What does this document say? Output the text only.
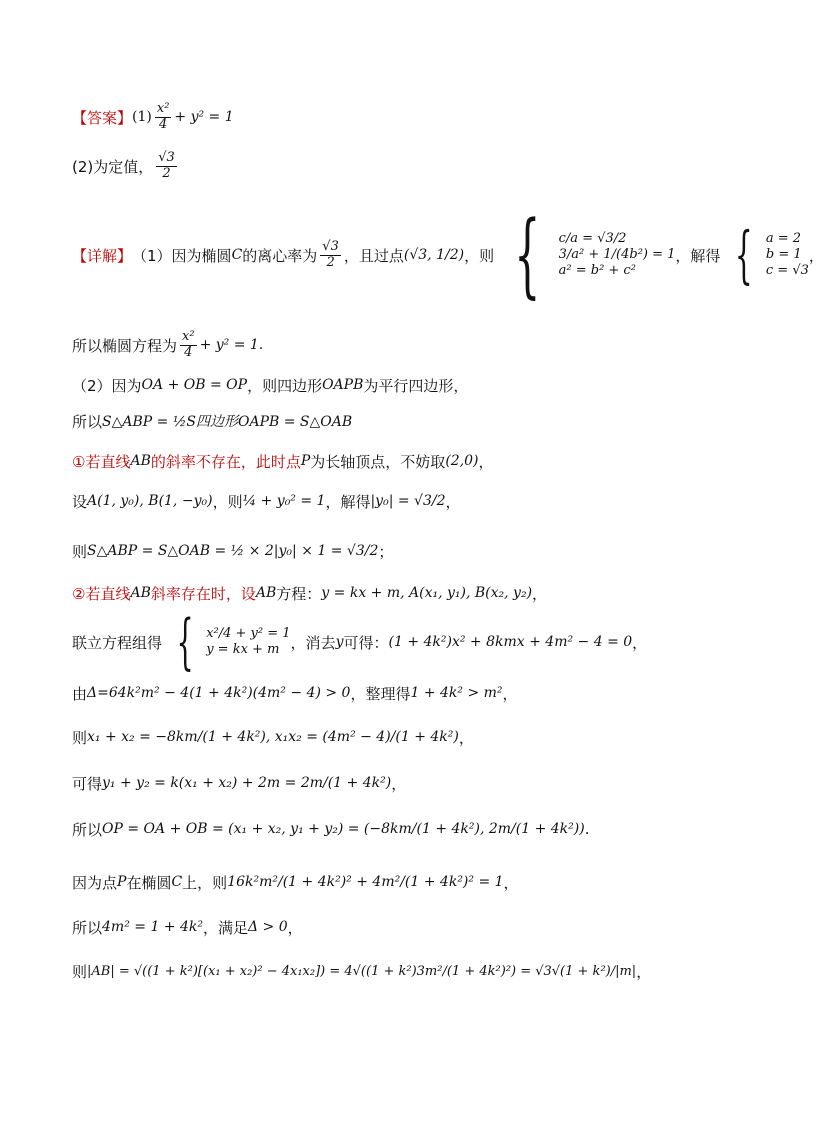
【答案】 $(1) \frac{\text{x²}}{4} + y^2 = 1$
(2)为定值， $\frac{√3}{2}$
【详解】 （1）因为椭圆 C 的离心率为 $\frac{√3}{2}$ ，且过点 (√3, 1/2) ，则 { c/a = √3/2
3/a² + 1/(4b²) = 1
a² = b² + c²
，解得 { a = 2
b = 1
c = √3
，
所以椭圆方程为 $\frac{\text{x²}}{4} + y^2 = 1$.
（2）因为 OA + OB = OP ，则四边形 OAPB 为平行四边形，
所以 S△ABP = ½S四边形OAPB = S△OAB
①若直线 AB 的斜率不存在，此时点 P 为长轴顶点，不妨取 (2,0) ，
设 A(1, y₀), B(1, −y₀) ，则 ¼ + y₀² = 1 ，解得 |y₀| = √3/2 ，
则 S△ABP = S△OAB = ½ × 2|y₀| × 1 = √3/2 ；
②若直线 AB 斜率存在时，设 AB 方程： y = kx + m, A(x₁, y₁), B(x₂, y₂) ，
联立方程组得 { x²/4 + y² = 1
y = kx + m ，消去 y 可得： (1 + 4k²)x² + 8kmx + 4m² − 4 = 0 ，
由 Δ=64k²m² − 4(1 + 4k²)(4m² − 4) > 0 ，整理得 1 + 4k² > m² ，
则 x₁ + x₂ = −8km/(1 + 4k²), x₁x₂ = (4m² − 4)/(1 + 4k²) ，
可得 y₁ + y₂ = k(x₁ + x₂) + 2m = 2m/(1 + 4k²) ，
所以 OP = OA + OB = (x₁ + x₂, y₁ + y₂) = (−8km/(1 + 4k²), 2m/(1 + 4k²)) .
因为点 P 在椭圆 C 上，则 16k²m²/(1 + 4k²)² + 4m²/(1 + 4k²)² = 1 ，
所以 4m² = 1 + 4k² ，满足 Δ > 0 ，
则 |AB| = √((1 + k²)[(x₁ + x₂)² − 4x₁x₂]) = 4√((1 + k²)3m²/(1 + 4k²)²) = √3√(1 + k²)/|m| ，
